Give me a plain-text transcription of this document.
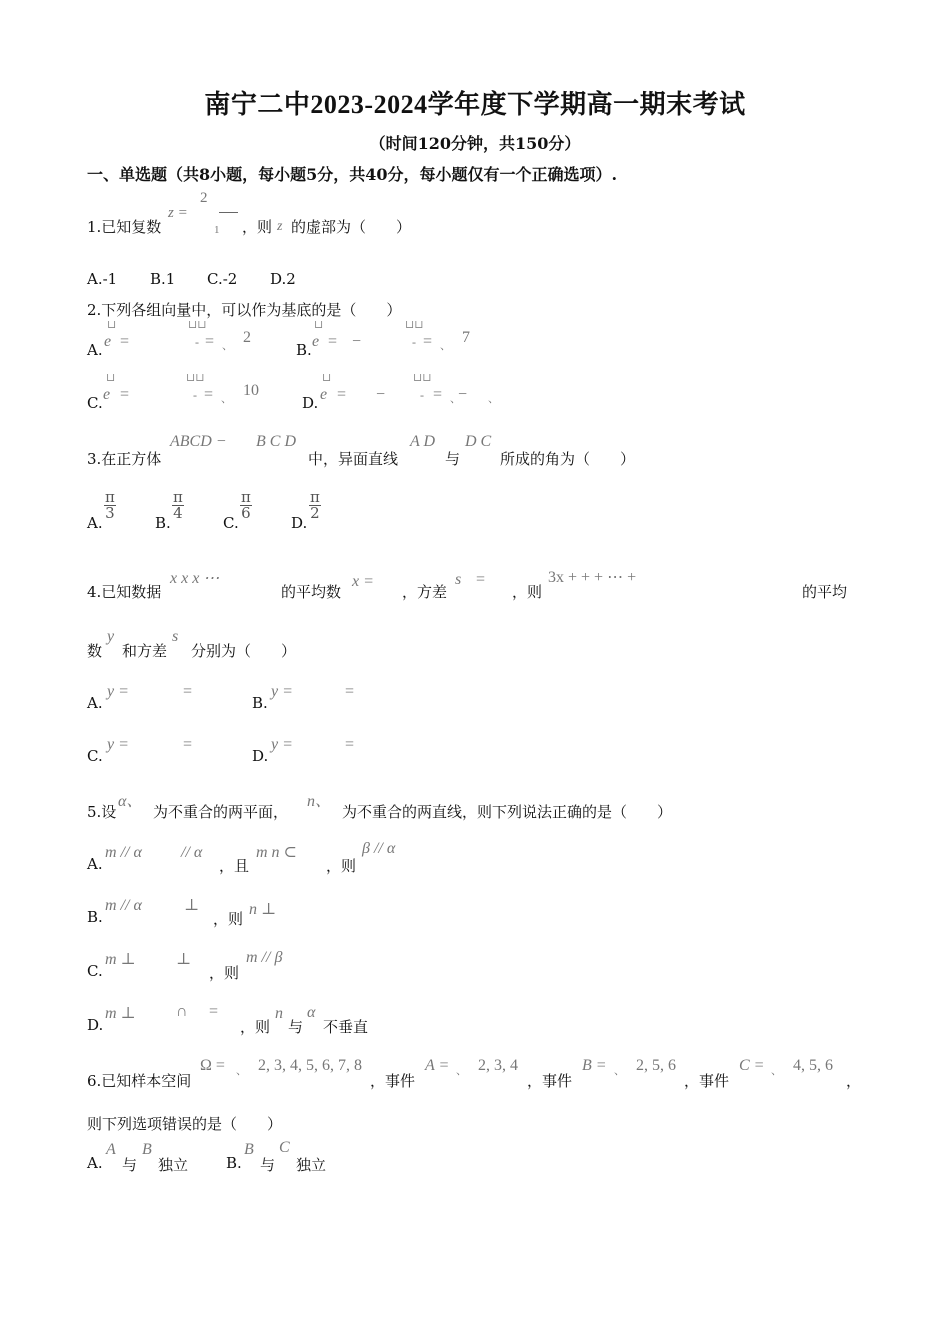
南宁二中2023-2024学年度下学期高一期末考试
（时间120分钟，共150分）
一、单选题（共8小题，每小题5分，共40分，每小题仅有一个正确选项）.
1.已知复数
z =
2
1 ，则 z 的虚部为（　　）
A.-1 B.1 C.-2 D.2
2.下列各组向量中，可以作为基底的是（　　）
A.
⊔
e =
⊔⊔
- = 、 2
B.
⊔
e = −
⊔⊔
- = 、 7
C.
⊔
e =
⊔⊔
- = 、 10
D.
⊔
e = −
⊔⊔
- = 、
− 、
3.在正方体
ABCD − B C D
中，异面直线
A D
与
D C
所成的角为（　　）
A.
$\frac{\pi}{3}$
B.
$\frac{\pi}{4}$
C.
$\frac{\pi}{6}$
D.
$\frac{\pi}{2}$
4.已知数据
x x x ⋯
的平均数
x =
，方差
s =
，则
3x + + + ⋯ +
的平均
数
y
和方差
s
分别为（　　）
A.
y =	=
B.
y =	=
C.
y =	=
D.
y =	=
5.设
α、
为不重合的两平面，
n、
为不重合的两直线，则下列说法正确的是（　　）
A.
m // α // α
，且
m n ⊂
，则
β // α
B.
m // α	⊥
，则
n ⊥
C.
m ⊥	⊥
，则
m // β
D.
m ⊥	∩ =
，则
n
与
α
不垂直
6.已知样本空间
Ω = 、 2, 3, 4, 5, 6, 7, 8
，事件
A = 、 2, 3, 4
，事件
B = 、 2, 5, 6
，事件
C = 、 4, 5, 6
，
则下列选项错误的是（　　）
A.
A
与
B
独立	B.
B
与
C
独立
